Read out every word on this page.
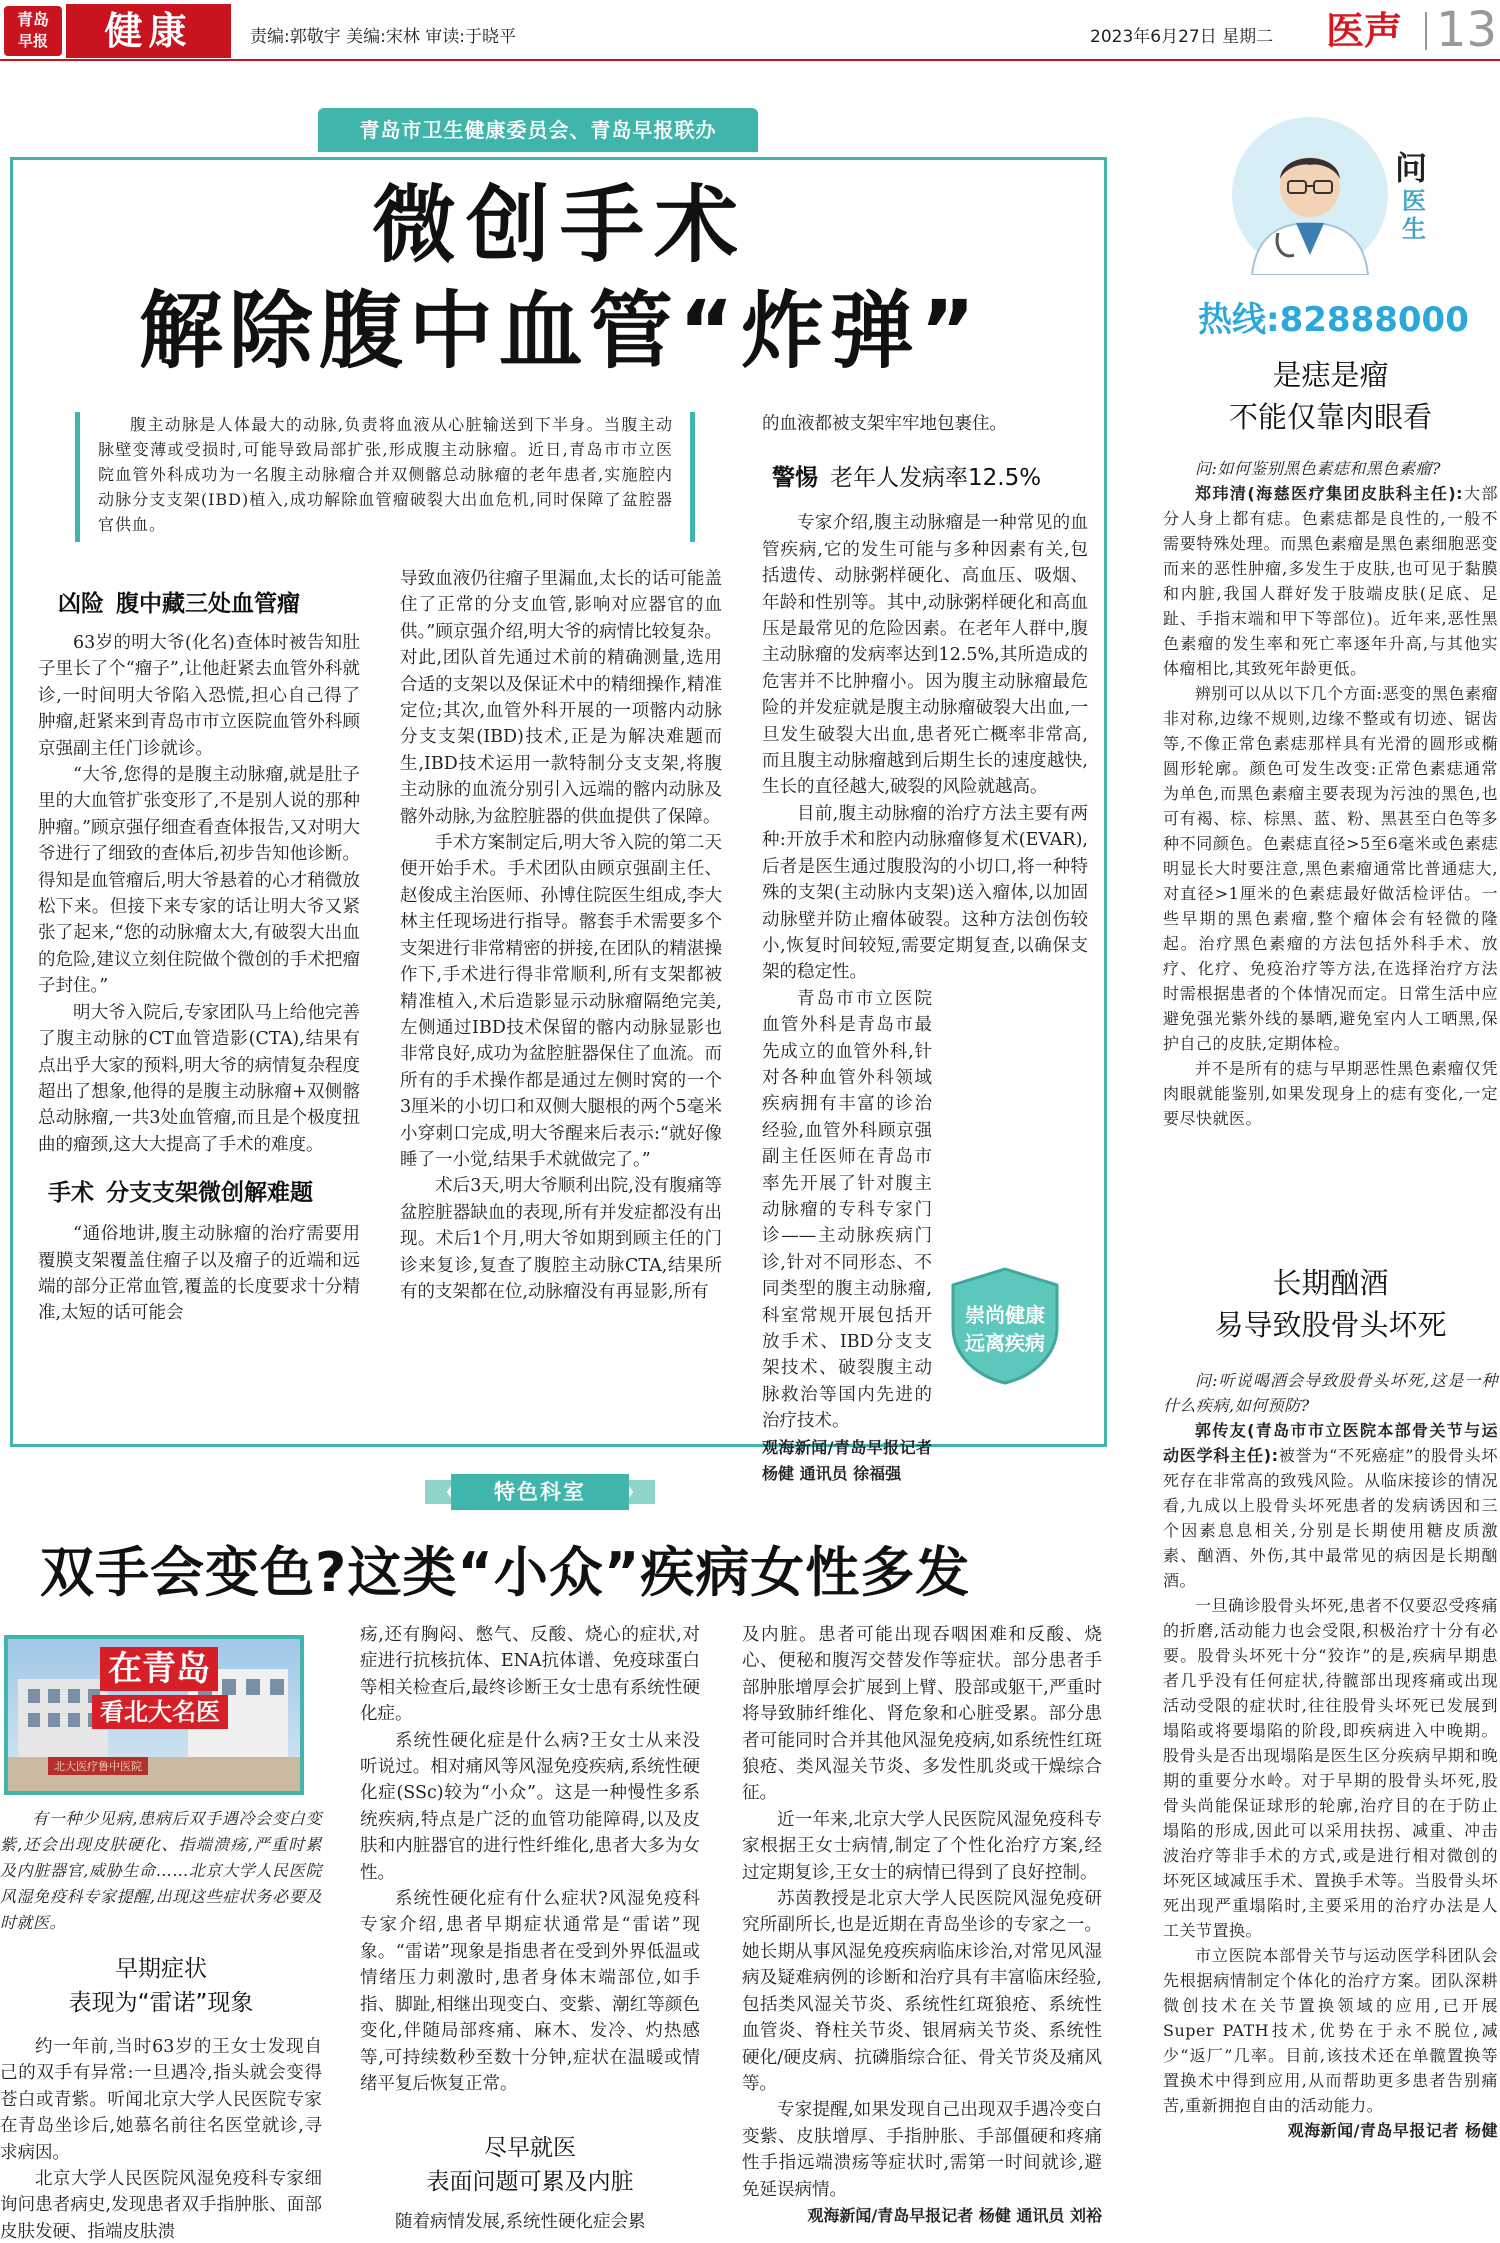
青岛
早报	健康	责编:郭敬宇 美编:宋林 审读:于晓平	2023年6月27日 星期二 医声 13
青岛市卫生健康委员会、青岛早报联办
微创手术
解除腹中血管“炸弹”

腹主动脉是人体最大的动脉,负责将血液从心脏输送到下半身。当腹主动脉壁变薄或受损时,可能导致局部扩张,形成腹主动脉瘤。近日,青岛市市立医院血管外科成功为一名腹主动脉瘤合并双侧髂总动脉瘤的老年患者,实施腔内动脉分支支架(IBD)植入,成功解除血管瘤破裂大出血危机,同时保障了盆腔器官供血。

凶险 腹中藏三处血管瘤

63岁的明大爷(化名)查体时被告知肚子里长了个“瘤子”,让他赶紧去血管外科就诊,一时间明大爷陷入恐慌,担心自己得了肿瘤,赶紧来到青岛市市立医院血管外科顾京强副主任门诊就诊。

“大爷,您得的是腹主动脉瘤,就是肚子里的大血管扩张变形了,不是别人说的那种肿瘤。”顾京强仔细查看查体报告,又对明大爷进行了细致的查体后,初步告知他诊断。得知是血管瘤后,明大爷悬着的心才稍微放松下来。但接下来专家的话让明大爷又紧张了起来,“您的动脉瘤太大,有破裂大出血的危险,建议立刻住院做个微创的手术把瘤子封住。”

明大爷入院后,专家团队马上给他完善了腹主动脉的CT血管造影(CTA),结果有点出乎大家的预料,明大爷的病情复杂程度超出了想象,他得的是腹主动脉瘤+双侧髂总动脉瘤,一共3处血管瘤,而且是个极度扭曲的瘤颈,这大大提高了手术的难度。

手术 分支支架微创解难题

“通俗地讲,腹主动脉瘤的治疗需要用覆膜支架覆盖住瘤子以及瘤子的近端和远端的部分正常血管,覆盖的长度要求十分精准,太短的话可能会

导致血液仍往瘤子里漏血,太长的话可能盖住了正常的分支血管,影响对应器官的血供。”顾京强介绍,明大爷的病情比较复杂。对此,团队首先通过术前的精确测量,选用合适的支架以及保证术中的精细操作,精准定位;其次,血管外科开展的一项髂内动脉分支支架(IBD)技术,正是为解决难题而生,IBD技术运用一款特制分支支架,将腹主动脉的血流分别引入远端的髂内动脉及髂外动脉,为盆腔脏器的供血提供了保障。

手术方案制定后,明大爷入院的第二天便开始手术。手术团队由顾京强副主任、赵俊成主治医师、孙博住院医生组成,李大林主任现场进行指导。髂套手术需要多个支架进行非常精密的拼接,在团队的精湛操作下,手术进行得非常顺利,所有支架都被精准植入,术后造影显示动脉瘤隔绝完美,左侧通过IBD技术保留的髂内动脉显影也非常良好,成功为盆腔脏器保住了血流。而所有的手术操作都是通过左侧时窝的一个3厘米的小切口和双侧大腿根的两个5毫米小穿刺口完成,明大爷醒来后表示:“就好像睡了一小觉,结果手术就做完了。”

术后3天,明大爷顺利出院,没有腹痛等盆腔脏器缺血的表现,所有并发症都没有出现。术后1个月,明大爷如期到顾主任的门诊来复诊,复查了腹腔主动脉CTA,结果所有的支架都在位,动脉瘤没有再显影,所有

的血液都被支架牢牢地包裹住。

警惕 老年人发病率12.5%

专家介绍,腹主动脉瘤是一种常见的血管疾病,它的发生可能与多种因素有关,包括遗传、动脉粥样硬化、高血压、吸烟、年龄和性别等。其中,动脉粥样硬化和高血压是最常见的危险因素。在老年人群中,腹主动脉瘤的发病率达到12.5%,其所造成的危害并不比肿瘤小。因为腹主动脉瘤最危险的并发症就是腹主动脉瘤破裂大出血,一旦发生破裂大出血,患者死亡概率非常高,而且腹主动脉瘤越到后期生长的速度越快,生长的直径越大,破裂的风险就越高。

目前,腹主动脉瘤的治疗方法主要有两种:开放手术和腔内动脉瘤修复术(EVAR),后者是医生通过腹股沟的小切口,将一种特殊的支架(主动脉内支架)送入瘤体,以加固动脉壁并防止瘤体破裂。这种方法创伤较小,恢复时间较短,需要定期复查,以确保支架的稳定性。

青岛市市立医院血管外科是青岛市最先成立的血管外科,针对各种血管外科领域疾病拥有丰富的诊治经验,血管外科顾京强副主任医师在青岛市率先开展了针对腹主动脉瘤的专科专家门诊——主动脉疾病门诊,针对不同形态、不同类型的腹主动脉瘤,科室常规开展包括开放手术、IBD分支支架技术、破裂腹主动脉救治等国内先进的治疗技术。

观海新闻/青岛早报记者 杨健 通讯员 徐福强

崇尚健康
远离疾病
问
医生
热线:82888000
是痣是瘤
不能仅靠肉眼看

问:如何鉴别黑色素痣和黑色素瘤?

郑玮清(海慈医疗集团皮肤科主任):大部分人身上都有痣。色素痣都是良性的,一般不需要特殊处理。而黑色素瘤是黑色素细胞恶变而来的恶性肿瘤,多发生于皮肤,也可见于黏膜和内脏,我国人群好发于肢端皮肤(足底、足趾、手指末端和甲下等部位)。近年来,恶性黑色素瘤的发生率和死亡率逐年升高,与其他实体瘤相比,其致死年龄更低。

辨别可以从以下几个方面:恶变的黑色素瘤非对称,边缘不规则,边缘不整或有切迹、锯齿等,不像正常色素痣那样具有光滑的圆形或椭圆形轮廓。颜色可发生改变:正常色素痣通常为单色,而黑色素瘤主要表现为污浊的黑色,也可有褐、棕、棕黑、蓝、粉、黑甚至白色等多种不同颜色。色素痣直径>5至6毫米或色素痣明显长大时要注意,黑色素瘤通常比普通痣大,对直径>1厘米的色素痣最好做活检评估。一些早期的黑色素瘤,整个瘤体会有轻微的隆起。治疗黑色素瘤的方法包括外科手术、放疗、化疗、免疫治疗等方法,在选择治疗方法时需根据患者的个体情况而定。日常生活中应避免强光紫外线的暴晒,避免室内人工晒黑,保护自己的皮肤,定期体检。

并不是所有的痣与早期恶性黑色素瘤仅凭肉眼就能鉴别,如果发现身上的痣有变化,一定要尽快就医。

长期酗酒
易导致股骨头坏死

问:听说喝酒会导致股骨头坏死,这是一种什么疾病,如何预防?

郭传友(青岛市市立医院本部骨关节与运动医学科主任):被誉为“不死癌症”的股骨头坏死存在非常高的致残风险。从临床接诊的情况看,九成以上股骨头坏死患者的发病诱因和三个因素息息相关,分别是长期使用糖皮质激素、酗酒、外伤,其中最常见的病因是长期酗酒。

一旦确诊股骨头坏死,患者不仅要忍受疼痛的折磨,活动能力也会受限,积极治疗十分有必要。股骨头坏死十分“狡诈”的是,疾病早期患者几乎没有任何症状,待髋部出现疼痛或出现活动受限的症状时,往往股骨头坏死已发展到塌陷或将要塌陷的阶段,即疾病进入中晚期。股骨头是否出现塌陷是医生区分疾病早期和晚期的重要分水岭。对于早期的股骨头坏死,股骨头尚能保证球形的轮廓,治疗目的在于防止塌陷的形成,因此可以采用扶拐、减重、冲击波治疗等非手术的方式,或是进行相对微创的坏死区域减压手术、置换手术等。当股骨头坏死出现严重塌陷时,主要采用的治疗办法是人工关节置换。

市立医院本部骨关节与运动医学科团队会先根据病情制定个体化的治疗方案。团队深耕微创技术在关节置换领域的应用,已开展Super PATH技术,优势在于永不脱位,减少“返厂”几率。目前,该技术还在单髋置换等置换术中得到应用,从而帮助更多患者告别痛苦,重新拥抱自由的活动能力。

观海新闻/青岛早报记者 杨健

特色科室
双手会变色?这类“小众”疾病女性多发
在青岛
看北大名医
北大医疗鲁中医院

有一种少见病,患病后双手遇冷会变白变紫,还会出现皮肤硬化、指端溃疡,严重时累及内脏器官,威胁生命……北京大学人民医院风湿免疫科专家提醒,出现这些症状务必要及时就医。

早期症状
表现为“雷诺”现象

约一年前,当时63岁的王女士发现自己的双手有异常:一旦遇冷,指头就会变得苍白或青紫。听闻北京大学人民医院专家在青岛坐诊后,她慕名前往名医堂就诊,寻求病因。

北京大学人民医院风湿免疫科专家细询问患者病史,发现患者双手指肿胀、面部皮肤发硬、指端皮肤溃

疡,还有胸闷、憋气、反酸、烧心的症状,对症进行抗核抗体、ENA抗体谱、免疫球蛋白等相关检查后,最终诊断王女士患有系统性硬化症。

系统性硬化症是什么病?王女士从来没听说过。相对痛风等风湿免疫疾病,系统性硬化症(SSc)较为“小众”。这是一种慢性多系统疾病,特点是广泛的血管功能障碍,以及皮肤和内脏器官的进行性纤维化,患者大多为女性。

系统性硬化症有什么症状?风湿免疫科专家介绍,患者早期症状通常是“雷诺”现象。“雷诺”现象是指患者在受到外界低温或情绪压力刺激时,患者身体末端部位,如手指、脚趾,相继出现变白、变紫、潮红等颜色变化,伴随局部疼痛、麻木、发冷、灼热感等,可持续数秒至数十分钟,症状在温暖或情绪平复后恢复正常。

尽早就医
表面问题可累及内脏

随着病情发展,系统性硬化症会累

及内脏。患者可能出现吞咽困难和反酸、烧心、便秘和腹泻交替发作等症状。部分患者手部肿胀增厚会扩展到上臂、股部或躯干,严重时将导致肺纤维化、肾危象和心脏受累。部分患者可能同时合并其他风湿免疫病,如系统性红斑狼疮、类风湿关节炎、多发性肌炎或干燥综合征。

近一年来,北京大学人民医院风湿免疫科专家根据王女士病情,制定了个性化治疗方案,经过定期复诊,王女士的病情已得到了良好控制。

苏茵教授是北京大学人民医院风湿免疫研究所副所长,也是近期在青岛坐诊的专家之一。她长期从事风湿免疫疾病临床诊治,对常见风湿病及疑难病例的诊断和治疗具有丰富临床经验,包括类风湿关节炎、系统性红斑狼疮、系统性血管炎、脊柱关节炎、银屑病关节炎、系统性硬化/硬皮病、抗磷脂综合征、骨关节炎及痛风等。

专家提醒,如果发现自己出现双手遇冷变白变紫、皮肤增厚、手指肿胀、手部僵硬和疼痛性手指远端溃疡等症状时,需第一时间就诊,避免延误病情。

观海新闻/青岛早报记者 杨健 通讯员 刘裕
